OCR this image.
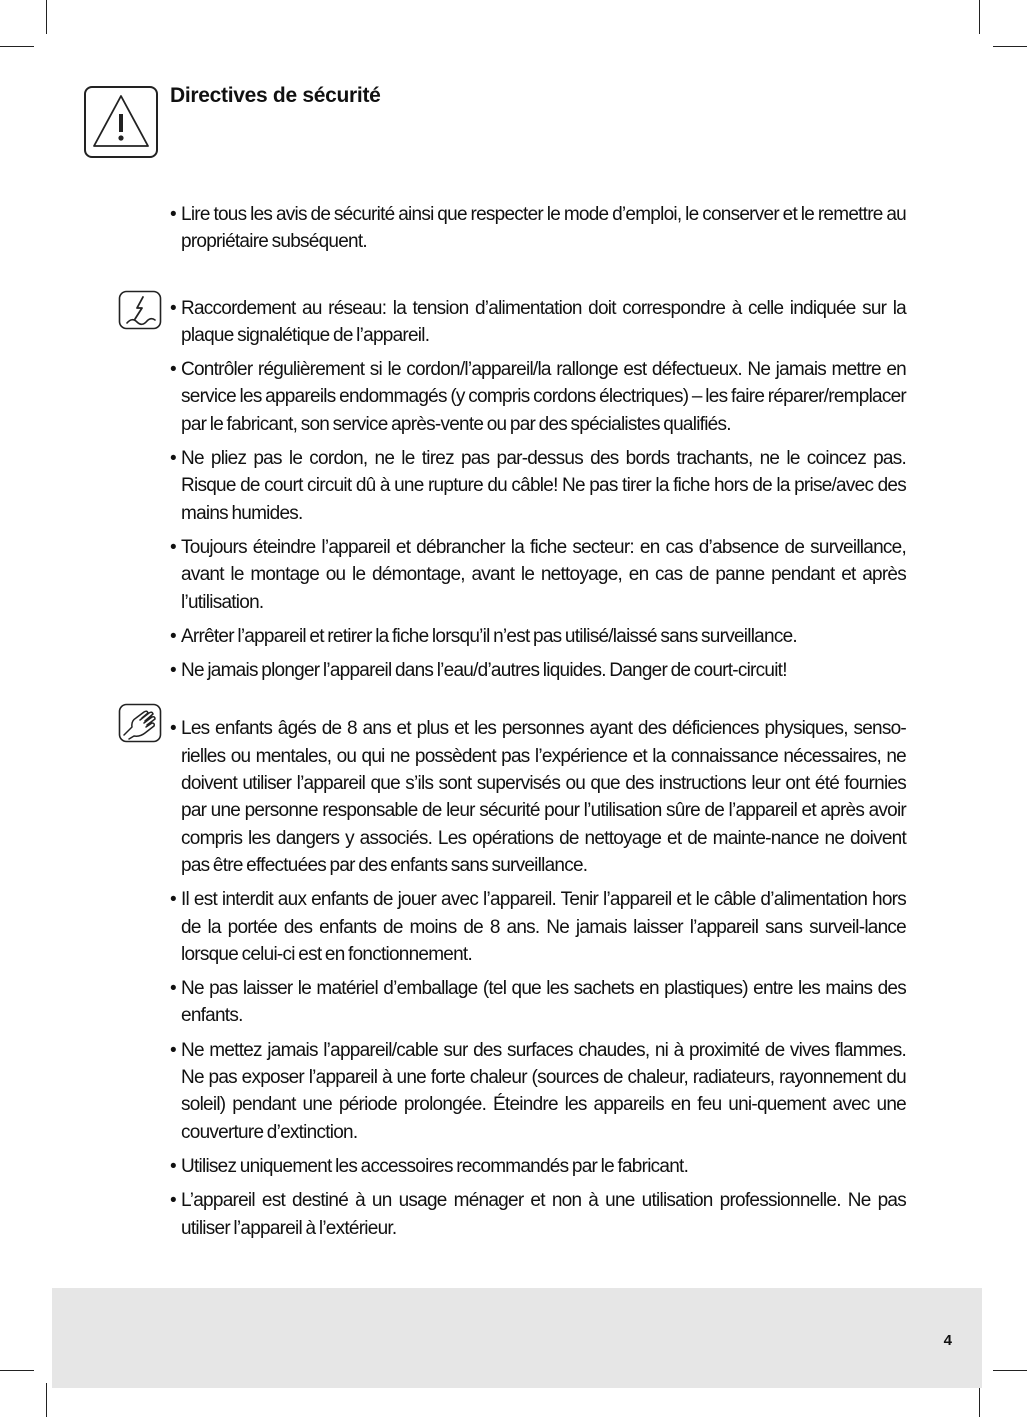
Directives de sécurité
• Lire tous les avis de sécurité ainsi que respecter le mode d’emploi, le conserver et le remettre au propriétaire subséquent.
• Raccordement au réseau: la tension d’alimentation doit correspondre à celle indiquée sur la plaque signalétique de l’appareil.
• Contrôler régulièrement si le cordon/l’appareil/la rallonge est défectueux. Ne jamais mettre en service les appareils endommagés (y compris cordons électriques) – les faire réparer/remplacer par le fabricant, son service après-vente ou par des spécialistes qualifiés.
• Ne pliez pas le cordon, ne le tirez pas par-dessus des bords trachants, ne le coincez pas. Risque de court circuit dû à une rupture du câble! Ne pas tirer la fiche hors de la prise/avec des mains humides.
• Toujours éteindre l’appareil et débrancher la fiche secteur: en cas d’absence de surveillance, avant le montage ou le démontage, avant le nettoyage, en cas de panne pendant et après l’utilisation.
• Arrêter l’appareil et retirer la fiche lorsqu’il n’est pas utilisé/laissé sans surveillance.
• Ne jamais plonger l’appareil dans l’eau/d’autres liquides. Danger de court-circuit!
• Les enfants âgés de 8 ans et plus et les personnes ayant des déficiences physiques, senso-rielles ou mentales, ou qui ne possèdent pas l’expérience et la connaissance nécessaires, ne doivent utiliser l’appareil que s’ils sont supervisés ou que des instructions leur ont été fournies par une personne responsable de leur sécurité pour l’utilisation sûre de l’appareil et après avoir compris les dangers y associés. Les opérations de nettoyage et de mainte-nance ne doivent pas être effectuées par des enfants sans surveillance.
• Il est interdit aux enfants de jouer avec l’appareil. Tenir l’appareil et le câble d’alimentation hors de la portée des enfants de moins de 8 ans. Ne jamais laisser l’appareil sans surveil-lance lorsque celui-ci est en fonctionnement.
• Ne pas laisser le matériel d’emballage (tel que les sachets en plastiques) entre les mains des enfants.
• Ne mettez jamais l’appareil/cable sur des surfaces chaudes, ni à proximité de vives flammes. Ne pas exposer l’appareil à une forte chaleur (sources de chaleur, radiateurs, rayonnement du soleil) pendant une période prolongée. Éteindre les appareils en feu uni-quement avec une couverture d’extinction.
• Utilisez uniquement les accessoires recommandés par le fabricant.
• L’appareil est destiné à un usage ménager et non à une utilisation professionnelle. Ne pas utiliser l’appareil à l’extérieur.
4
